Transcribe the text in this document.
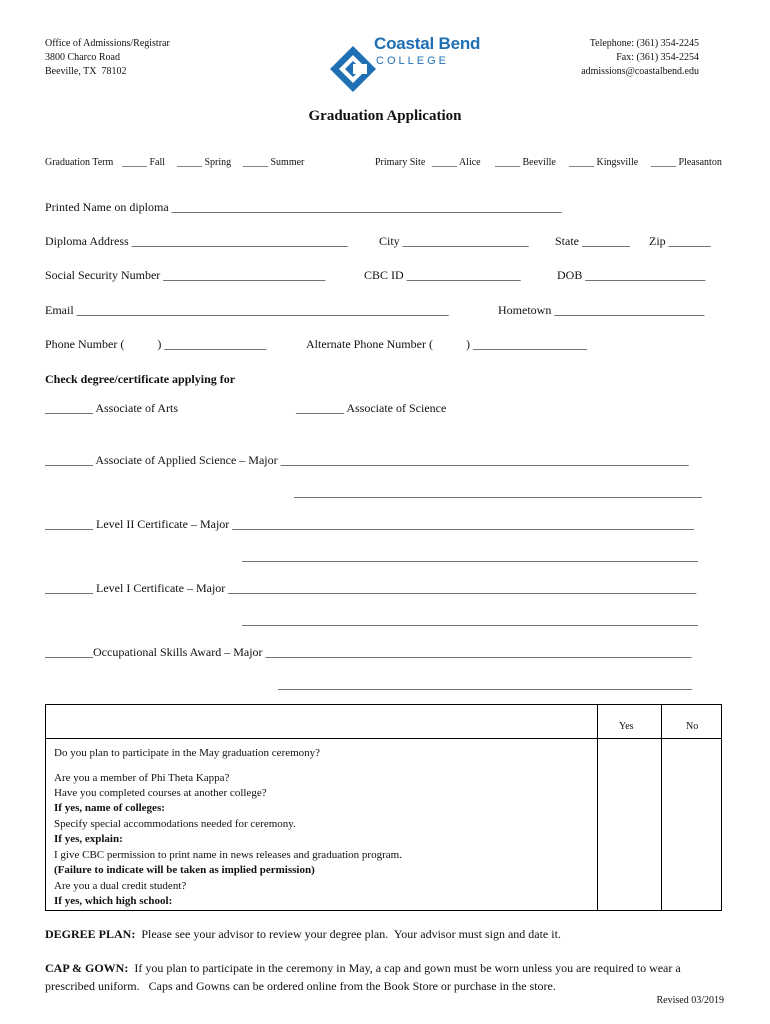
Office of Admissions/Registrar
3800 Charco Road
Beeville, TX  78102

Coastal Bend
COLLEGE
Telephone: (361) 354-2245
Fax: (361) 354-2254
admissions@coastalbend.edu
Graduation Application
Graduation Term _____ Fall _____ Spring _____ Summer	Primary Site _____ Alice _____ Beeville _____ Kingsville _____ Pleasanton
Printed Name on diploma _________________________________________________________________
Diploma Address ____________________________________	City _____________________ State ________ Zip _______
Social Security Number ___________________________	CBC ID ___________________	DOB ____________________
Email ______________________________________________________________	Hometown _________________________
Phone Number (           ) _________________	Alternate Phone Number (           ) ___________________
Check degree/certificate applying for
________ Associate of Arts	________ Associate of Science
________ Associate of Applied Science – Major ____________________________________________________________________
____________________________________________________________________
________ Level II Certificate – Major _____________________________________________________________________________
____________________________________________________________________________
________ Level I Certificate – Major ______________________________________________________________________________
____________________________________________________________________________
________Occupational Skills Award – Major _______________________________________________________________________
_____________________________________________________________________
Yes	No
Do you plan to participate in the May graduation ceremony?
Are you a member of Phi Theta Kappa?
Have you completed courses at another college?
If yes, name of colleges:
Specify special accommodations needed for ceremony.
If yes, explain:
I give CBC permission to print name in news releases and graduation program.
(Failure to indicate will be taken as implied permission)
Are you a dual credit student?
If yes, which high school:
DEGREE PLAN:  Please see your advisor to review your degree plan.  Your advisor must sign and date it.
CAP & GOWN:  If you plan to participate in the ceremony in May, a cap and gown must be worn unless you are required to wear a
prescribed uniform.   Caps and Gowns can be ordered online from the Book Store or purchase in the store.
Revised 03/2019
